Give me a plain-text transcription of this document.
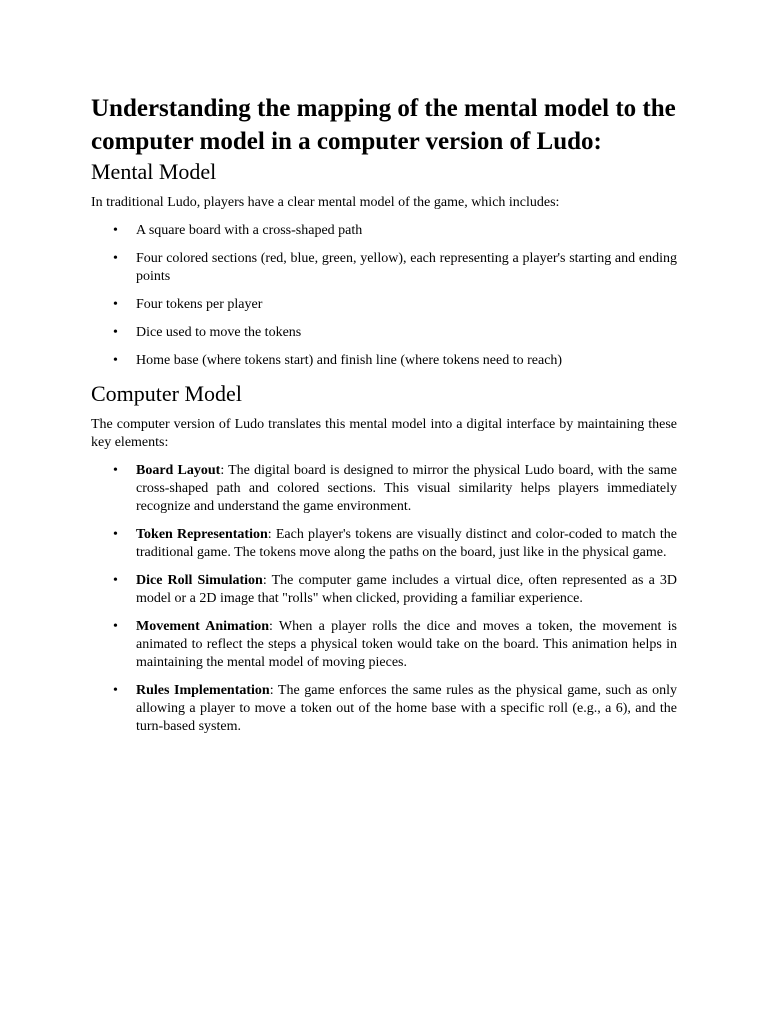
Understanding the mapping of the mental model to the computer model in a computer version of Ludo:
Mental Model

In traditional Ludo, players have a clear mental model of the game, which includes:

• A square board with a cross-shaped path
• Four colored sections (red, blue, green, yellow), each representing a player's starting and ending points
• Four tokens per player
• Dice used to move the tokens
• Home base (where tokens start) and finish line (where tokens need to reach)
Computer Model

The computer version of Ludo translates this mental model into a digital interface by maintaining these key elements:

• Board Layout: The digital board is designed to mirror the physical Ludo board, with the same cross-shaped path and colored sections. This visual similarity helps players immediately recognize and understand the game environment.
• Token Representation: Each player's tokens are visually distinct and color-coded to match the traditional game. The tokens move along the paths on the board, just like in the physical game.
• Dice Roll Simulation: The computer game includes a virtual dice, often represented as a 3D model or a 2D image that "rolls" when clicked, providing a familiar experience.
• Movement Animation: When a player rolls the dice and moves a token, the movement is animated to reflect the steps a physical token would take on the board. This animation helps in maintaining the mental model of moving pieces.
• Rules Implementation: The game enforces the same rules as the physical game, such as only allowing a player to move a token out of the home base with a specific roll (e.g., a 6), and the turn-based system.
